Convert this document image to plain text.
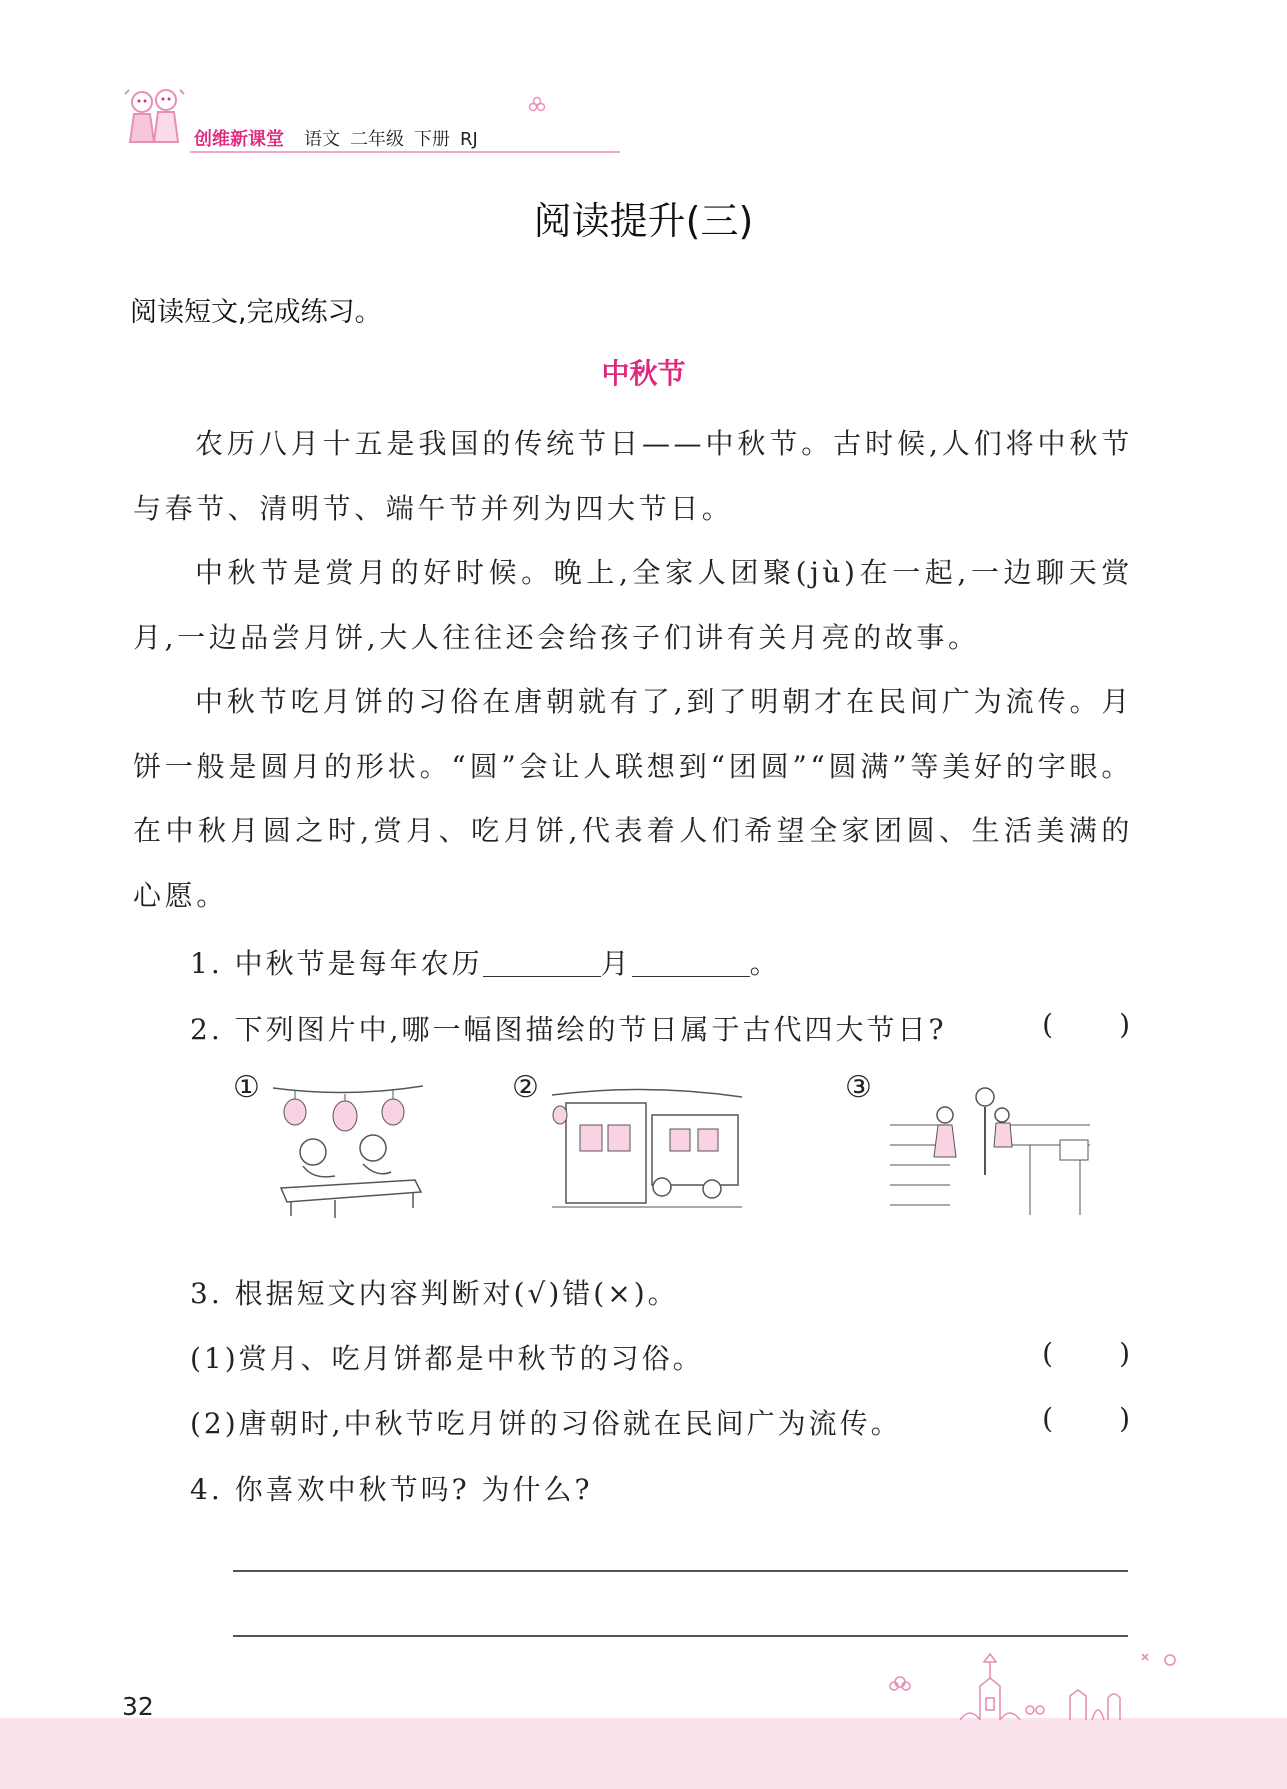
创维新课堂 语文 二年级 下册 RJ
阅读提升(三)
阅读短文,完成练习。
中秋节

农历八月十五是我国的传统节日——中秋节。古时候,人们将中秋节与春节、清明节、端午节并列为四大节日。

中秋节是赏月的好时候。晚上,全家人团聚(jù)在一起,一边聊天赏月,一边品尝月饼,大人往往还会给孩子们讲有关月亮的故事。

中秋节吃月饼的习俗在唐朝就有了,到了明朝才在民间广为流传。月饼一般是圆月的形状。“圆”会让人联想到“团圆”“圆满”等美好的字眼。在中秋月圆之时,赏月、吃月饼,代表着人们希望全家团圆、生活美满的心愿。

1. 中秋节是每年农历	月	。
2. 下列图片中,哪一幅图描绘的节日属于古代四大节日?	( )
①	②	③
3. 根据短文内容判断对(√)错(×)。
(1)赏月、吃月饼都是中秋节的习俗。	( )
(2)唐朝时,中秋节吃月饼的习俗就在民间广为流传。	( )
4. 你喜欢中秋节吗? 为什么?
32
